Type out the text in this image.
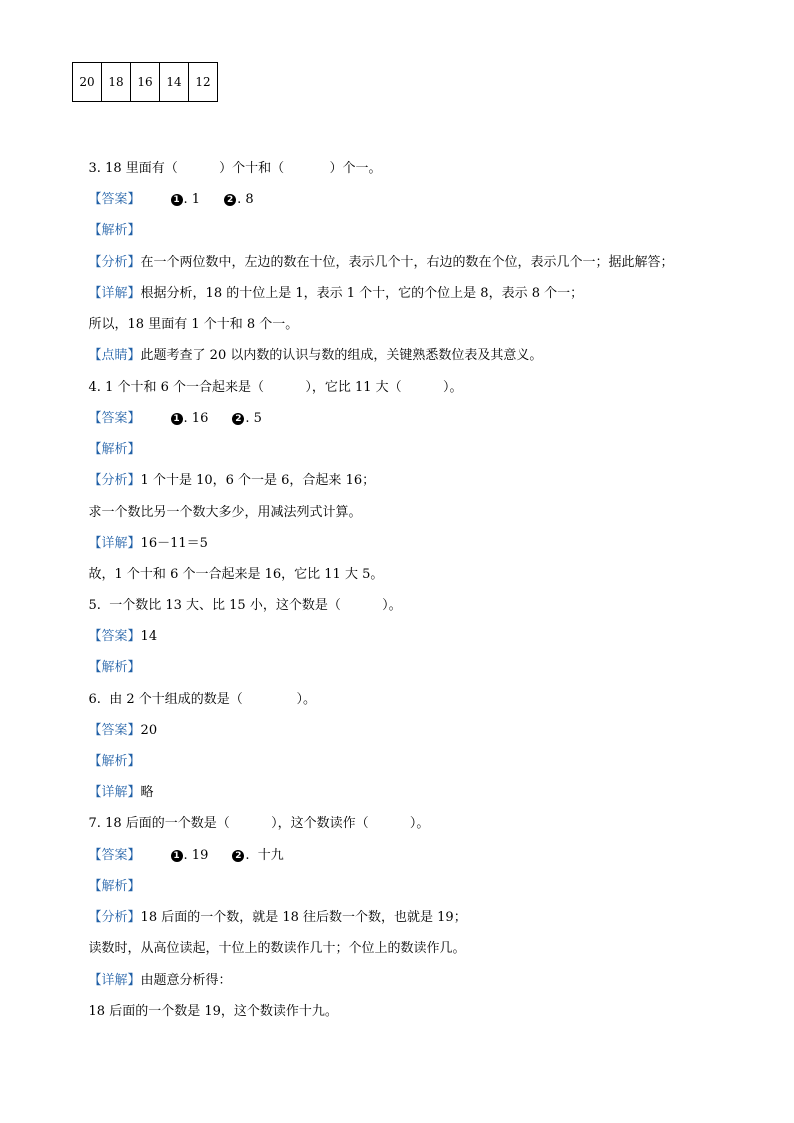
20	18	16	14	12

3. 18 里面有（          ）个十和（           ）个一。

【答案】	1 . 1	2 . 8

【解析】

【分析】在一个两位数中，左边的数在十位，表示几个十，右边的数在个位，表示几个一；据此解答；

【详解】根据分析，18 的十位上是 1，表示 1 个十，它的个位上是 8，表示 8 个一；

所以，18 里面有 1 个十和 8 个一。

【点睛】此题考查了 20 以内数的认识与数的组成，关键熟悉数位表及其意义。

4. 1 个十和 6 个一合起来是（          ），它比 11 大（          ）。

【答案】	1 . 16	2 . 5

【解析】

【分析】1 个十是 10，6 个一是 6，合起来 16；

求一个数比另一个数大多少，用减法列式计算。

【详解】16－11＝5

故，1 个十和 6 个一合起来是 16，它比 11 大 5。

5.  一个数比 13 大、比 15 小，这个数是（          ）。

【答案】14

【解析】

6.  由 2 个十组成的数是（             ）。

【答案】20

【解析】

【详解】略

7. 18 后面的一个数是（          ），这个数读作（          ）。

【答案】	1 . 19	2 .  十九

【解析】

【分析】18 后面的一个数，就是 18 往后数一个数，也就是 19；

读数时，从高位读起，十位上的数读作几十；个位上的数读作几。

【详解】由题意分析得：

18 后面的一个数是 19，这个数读作十九。
